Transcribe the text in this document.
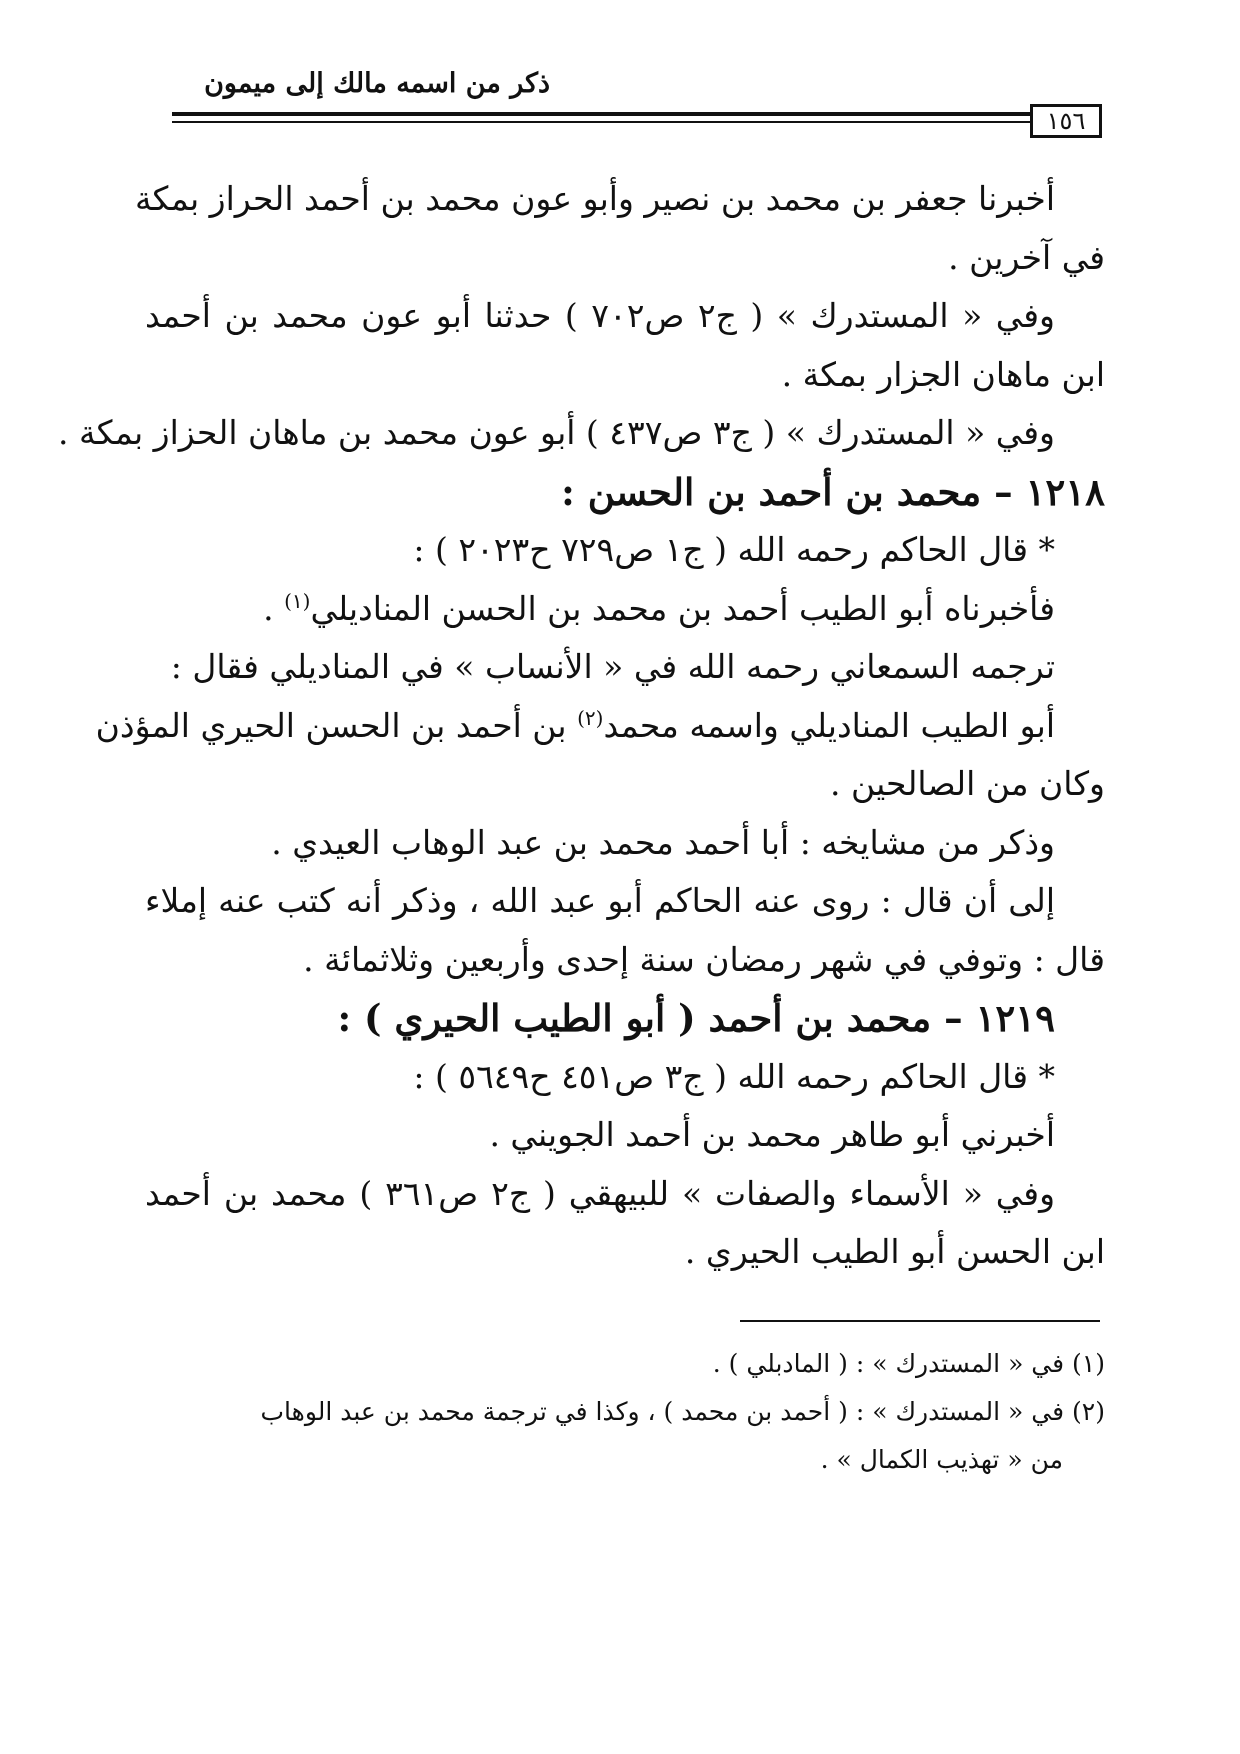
ذكر من اسمه مالك إلى ميمون
١٥٦
أخبرنا جعفر بن محمد بن نصير وأبو عون محمد بن أحمد الحراز بمكة
في آخرين .
وفي « المستدرك » ( ج٢ ص٧٠٢ ) حدثنا أبو عون محمد بن أحمد
ابن ماهان الجزار بمكة .
وفي « المستدرك » ( ج٣ ص٤٣٧ ) أبو عون محمد بن ماهان الحزاز بمكة .
١٢١٨ – محمد بن أحمد بن الحسن :
* قال الحاكم رحمه الله ( ج١ ص٧٢٩ ح٢٠٢٣ ) :
فأخبرناه أبو الطيب أحمد بن محمد بن الحسن المناديلي$^{(١)}$ .
ترجمه السمعاني رحمه الله في « الأنساب » في المناديلي فقال :
أبو الطيب المناديلي واسمه محمد$^{(٢)}$ بن أحمد بن الحسن الحيري المؤذن
وكان من الصالحين .
وذكر من مشايخه : أبا أحمد محمد بن عبد الوهاب العيدي .
إلى أن قال : روى عنه الحاكم أبو عبد الله ، وذكر أنه كتب عنه إملاء
قال : وتوفي في شهر رمضان سنة إحدى وأربعين وثلاثمائة .
١٢١٩ – محمد بن أحمد ( أبو الطيب الحيري ) :
* قال الحاكم رحمه الله ( ج٣ ص٤٥١ ح٥٦٤٩ ) :
أخبرني أبو طاهر محمد بن أحمد الجويني .
وفي « الأسماء والصفات » للبيهقي ( ج٢ ص٣٦١ ) محمد بن أحمد
ابن الحسن أبو الطيب الحيري .
(١) في « المستدرك » : ( المادبلي ) .
(٢) في « المستدرك » : ( أحمد بن محمد ) ، وكذا في ترجمة محمد بن عبد الوهاب
من « تهذيب الكمال » .
